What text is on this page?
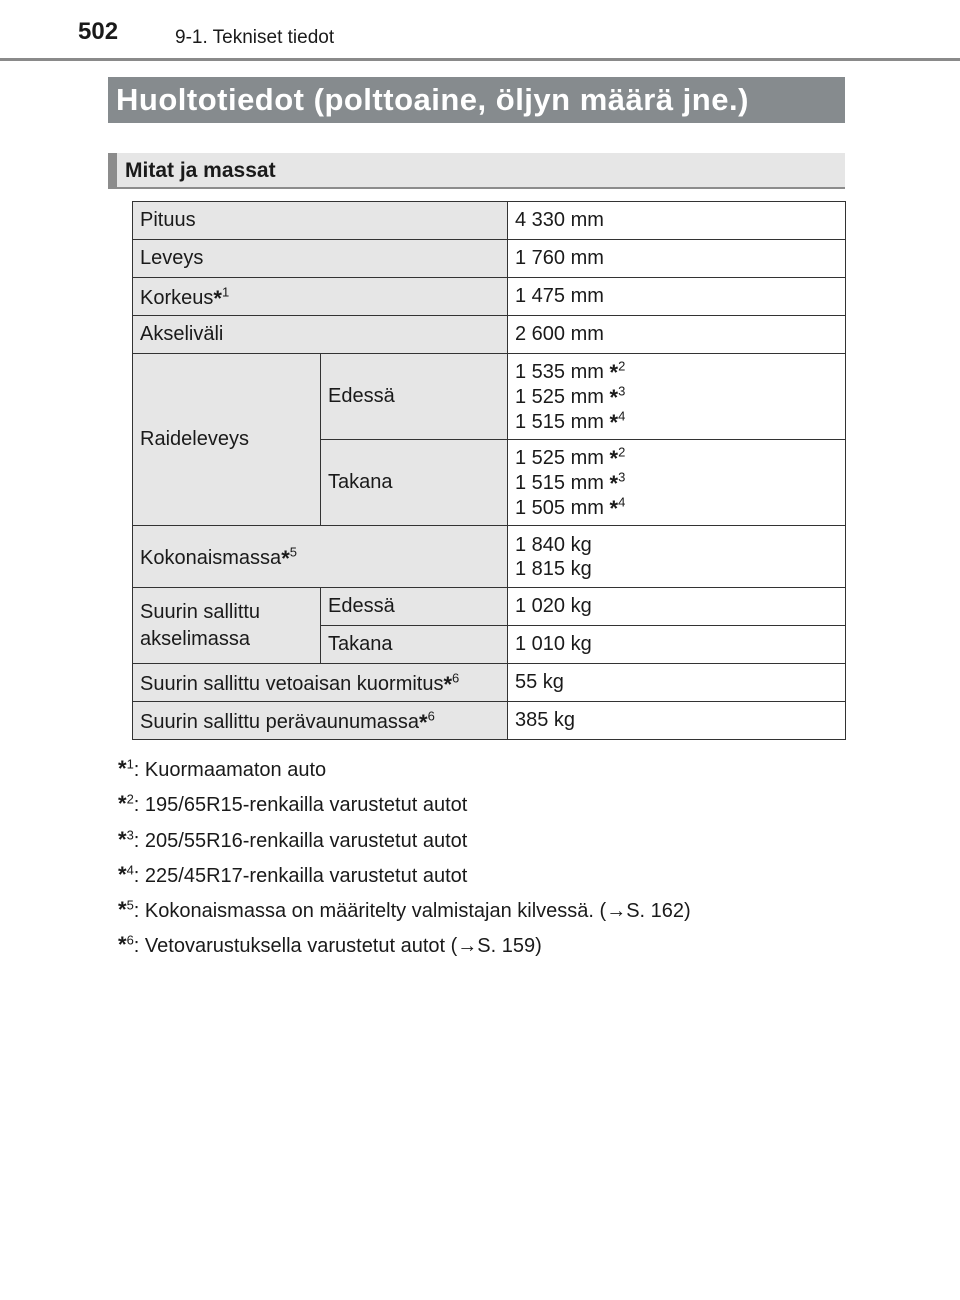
502	9-1. Tekniset tiedot
Huoltotiedot (polttoaine, öljyn määrä jne.)
Mitat ja massat
Pituus		4 330 mm
Leveys		1 760 mm
Korkeus*$^1$		1 475 mm
Akseliväli		2 600 mm
Raideleveys	Edessä	1 535 mm *$^2$
1 525 mm *$^3$
1 515 mm *$^4$

	Takana	1 525 mm *$^2$
1 515 mm *$^3$
1 505 mm *$^4$

Kokonaismassa*$^5$		1 840 kg
1 815 kg

Suurin sallittu
akselimassa	Edessä	1 020 kg
	Takana	1 010 kg
Suurin sallittu vetoaisan kuormitus*$^6$		55 kg
Suurin sallittu perävaunumassa*$^6$		385 kg
*$^1$: Kuormaamaton auto
*$^2$: 195/65R15-renkailla varustetut autot
*$^3$: 205/55R16-renkailla varustetut autot
*$^4$: 225/45R17-renkailla varustetut autot
*$^5$: Kokonaismassa on määritelty valmistajan kilvessä. (→S. 162)
*$^6$: Vetovarustuksella varustetut autot (→S. 159)
